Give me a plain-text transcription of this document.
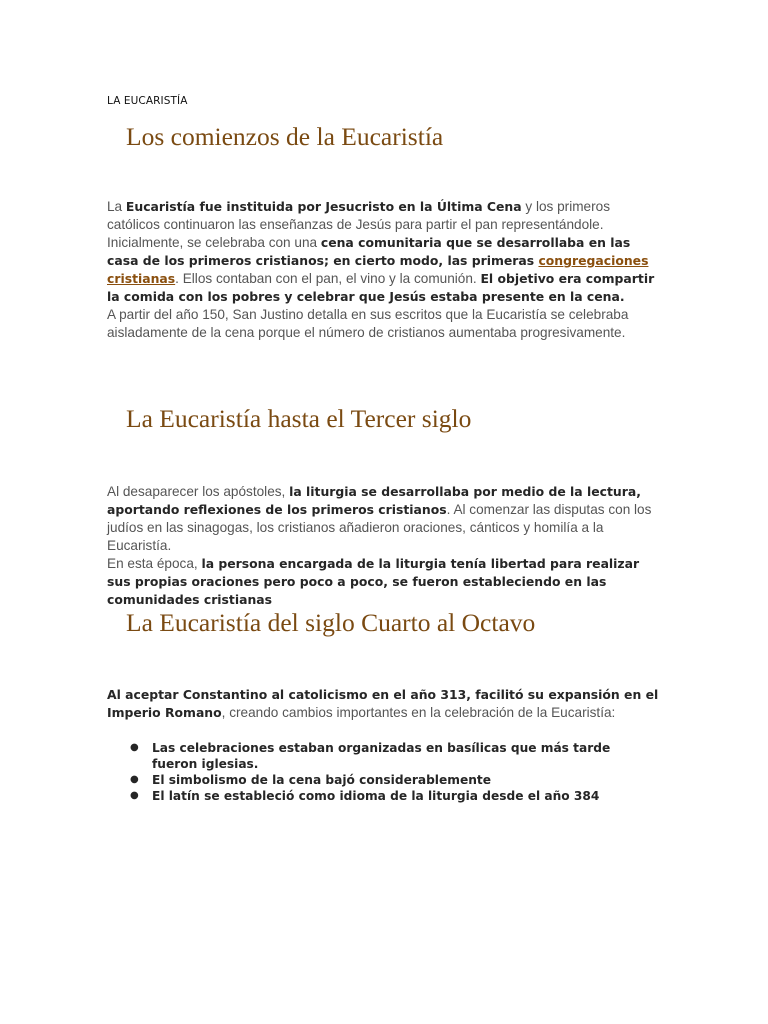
LA EUCARISTÍA
Los comienzos de la Eucaristía

La Eucaristía fue instituida por Jesucristo en la Última Cena y los primeros católicos continuaron las enseñanzas de Jesús para partir el pan representándole. Inicialmente, se celebraba con una cena comunitaria que se desarrollaba en las casa de los primeros cristianos; en cierto modo, las primeras congregaciones cristianas. Ellos contaban con el pan, el vino y la comunión. El objetivo era compartir la comida con los pobres y celebrar que Jesús estaba presente en la cena.
A partir del año 150, San Justino detalla en sus escritos que la Eucaristía se celebraba aisladamente de la cena porque el número de cristianos aumentaba progresivamente.

La Eucaristía hasta el Tercer siglo

Al desaparecer los apóstoles, la liturgia se desarrollaba por medio de la lectura, aportando reflexiones de los primeros cristianos. Al comenzar las disputas con los judíos en las sinagogas, los cristianos añadieron oraciones, cánticos y homilía a la Eucaristía.
En esta época, la persona encargada de la liturgia tenía libertad para realizar sus propias oraciones pero poco a poco, se fueron estableciendo en las comunidades cristianas

La Eucaristía del siglo Cuarto al Octavo

Al aceptar Constantino al catolicismo en el año 313, facilitó su expansión en el Imperio Romano, creando cambios importantes en la celebración de la Eucaristía:

● Las celebraciones estaban organizadas en basílicas que más tarde fueron iglesias.
● El simbolismo de la cena bajó considerablemente
● El latín se estableció como idioma de la liturgia desde el año 384
